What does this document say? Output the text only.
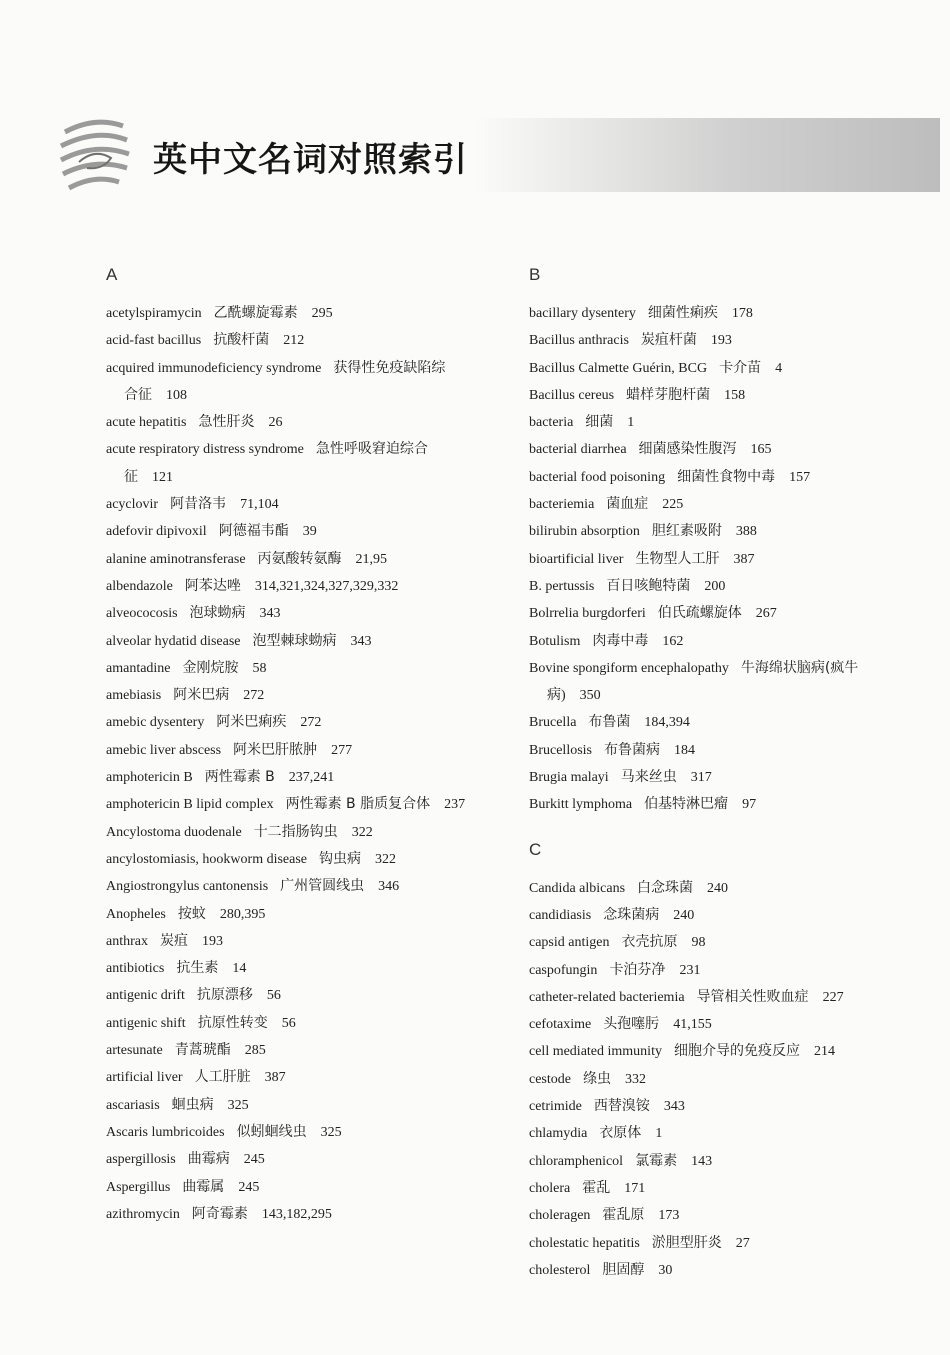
英中文名词对照索引
A
acetylspiramycin 乙酰螺旋霉素 295
acid-fast bacillus 抗酸杆菌 212
acquired immunodeficiency syndrome 获得性免疫缺陷综
合征 108
acute hepatitis 急性肝炎 26
acute respiratory distress syndrome 急性呼吸窘迫综合
征 121
acyclovir 阿昔洛韦 71,104
adefovir dipivoxil 阿德福韦酯 39
alanine aminotransferase 丙氨酸转氨酶 21,95
albendazole 阿苯达唑 314,321,324,327,329,332
alveococosis 泡球蚴病 343
alveolar hydatid disease 泡型棘球蚴病 343
amantadine 金刚烷胺 58
amebiasis 阿米巴病 272
amebic dysentery 阿米巴痢疾 272
amebic liver abscess 阿米巴肝脓肿 277
amphotericin B 两性霉素 B 237,241
amphotericin B lipid complex 两性霉素 B 脂质复合体 237
Ancylostoma duodenale 十二指肠钩虫 322
ancylostomiasis, hookworm disease 钩虫病 322
Angiostrongylus cantonensis 广州管圆线虫 346
Anopheles 按蚊 280,395
anthrax 炭疽 193
antibiotics 抗生素 14
antigenic drift 抗原漂移 56
antigenic shift 抗原性转变 56
artesunate 青蒿琥酯 285
artificial liver 人工肝脏 387
ascariasis 蛔虫病 325
Ascaris lumbricoides 似蚓蛔线虫 325
aspergillosis 曲霉病 245
Aspergillus 曲霉属 245
azithromycin 阿奇霉素 143,182,295
B
bacillary dysentery 细菌性痢疾 178
Bacillus anthracis 炭疽杆菌 193
Bacillus Calmette Guérin, BCG 卡介苗 4
Bacillus cereus 蜡样芽胞杆菌 158
bacteria 细菌 1
bacterial diarrhea 细菌感染性腹泻 165
bacterial food poisoning 细菌性食物中毒 157
bacteriemia 菌血症 225
bilirubin absorption 胆红素吸附 388
bioartificial liver 生物型人工肝 387
B. pertussis 百日咳鲍特菌 200
Bolrrelia burgdorferi 伯氏疏螺旋体 267
Botulism 肉毒中毒 162
Bovine spongiform encephalopathy 牛海绵状脑病(疯牛
病) 350
Brucella 布鲁菌 184,394
Brucellosis 布鲁菌病 184
Brugia malayi 马来丝虫 317
Burkitt lymphoma 伯基特淋巴瘤 97
C
Candida albicans 白念珠菌 240
candidiasis 念珠菌病 240
capsid antigen 衣壳抗原 98
caspofungin 卡泊芬净 231
catheter-related bacteriemia 导管相关性败血症 227
cefotaxime 头孢噻肟 41,155
cell mediated immunity 细胞介导的免疫反应 214
cestode 绦虫 332
cetrimide 西替溴铵 343
chlamydia 衣原体 1
chloramphenicol 氯霉素 143
cholera 霍乱 171
choleragen 霍乱原 173
cholestatic hepatitis 淤胆型肝炎 27
cholesterol 胆固醇 30
